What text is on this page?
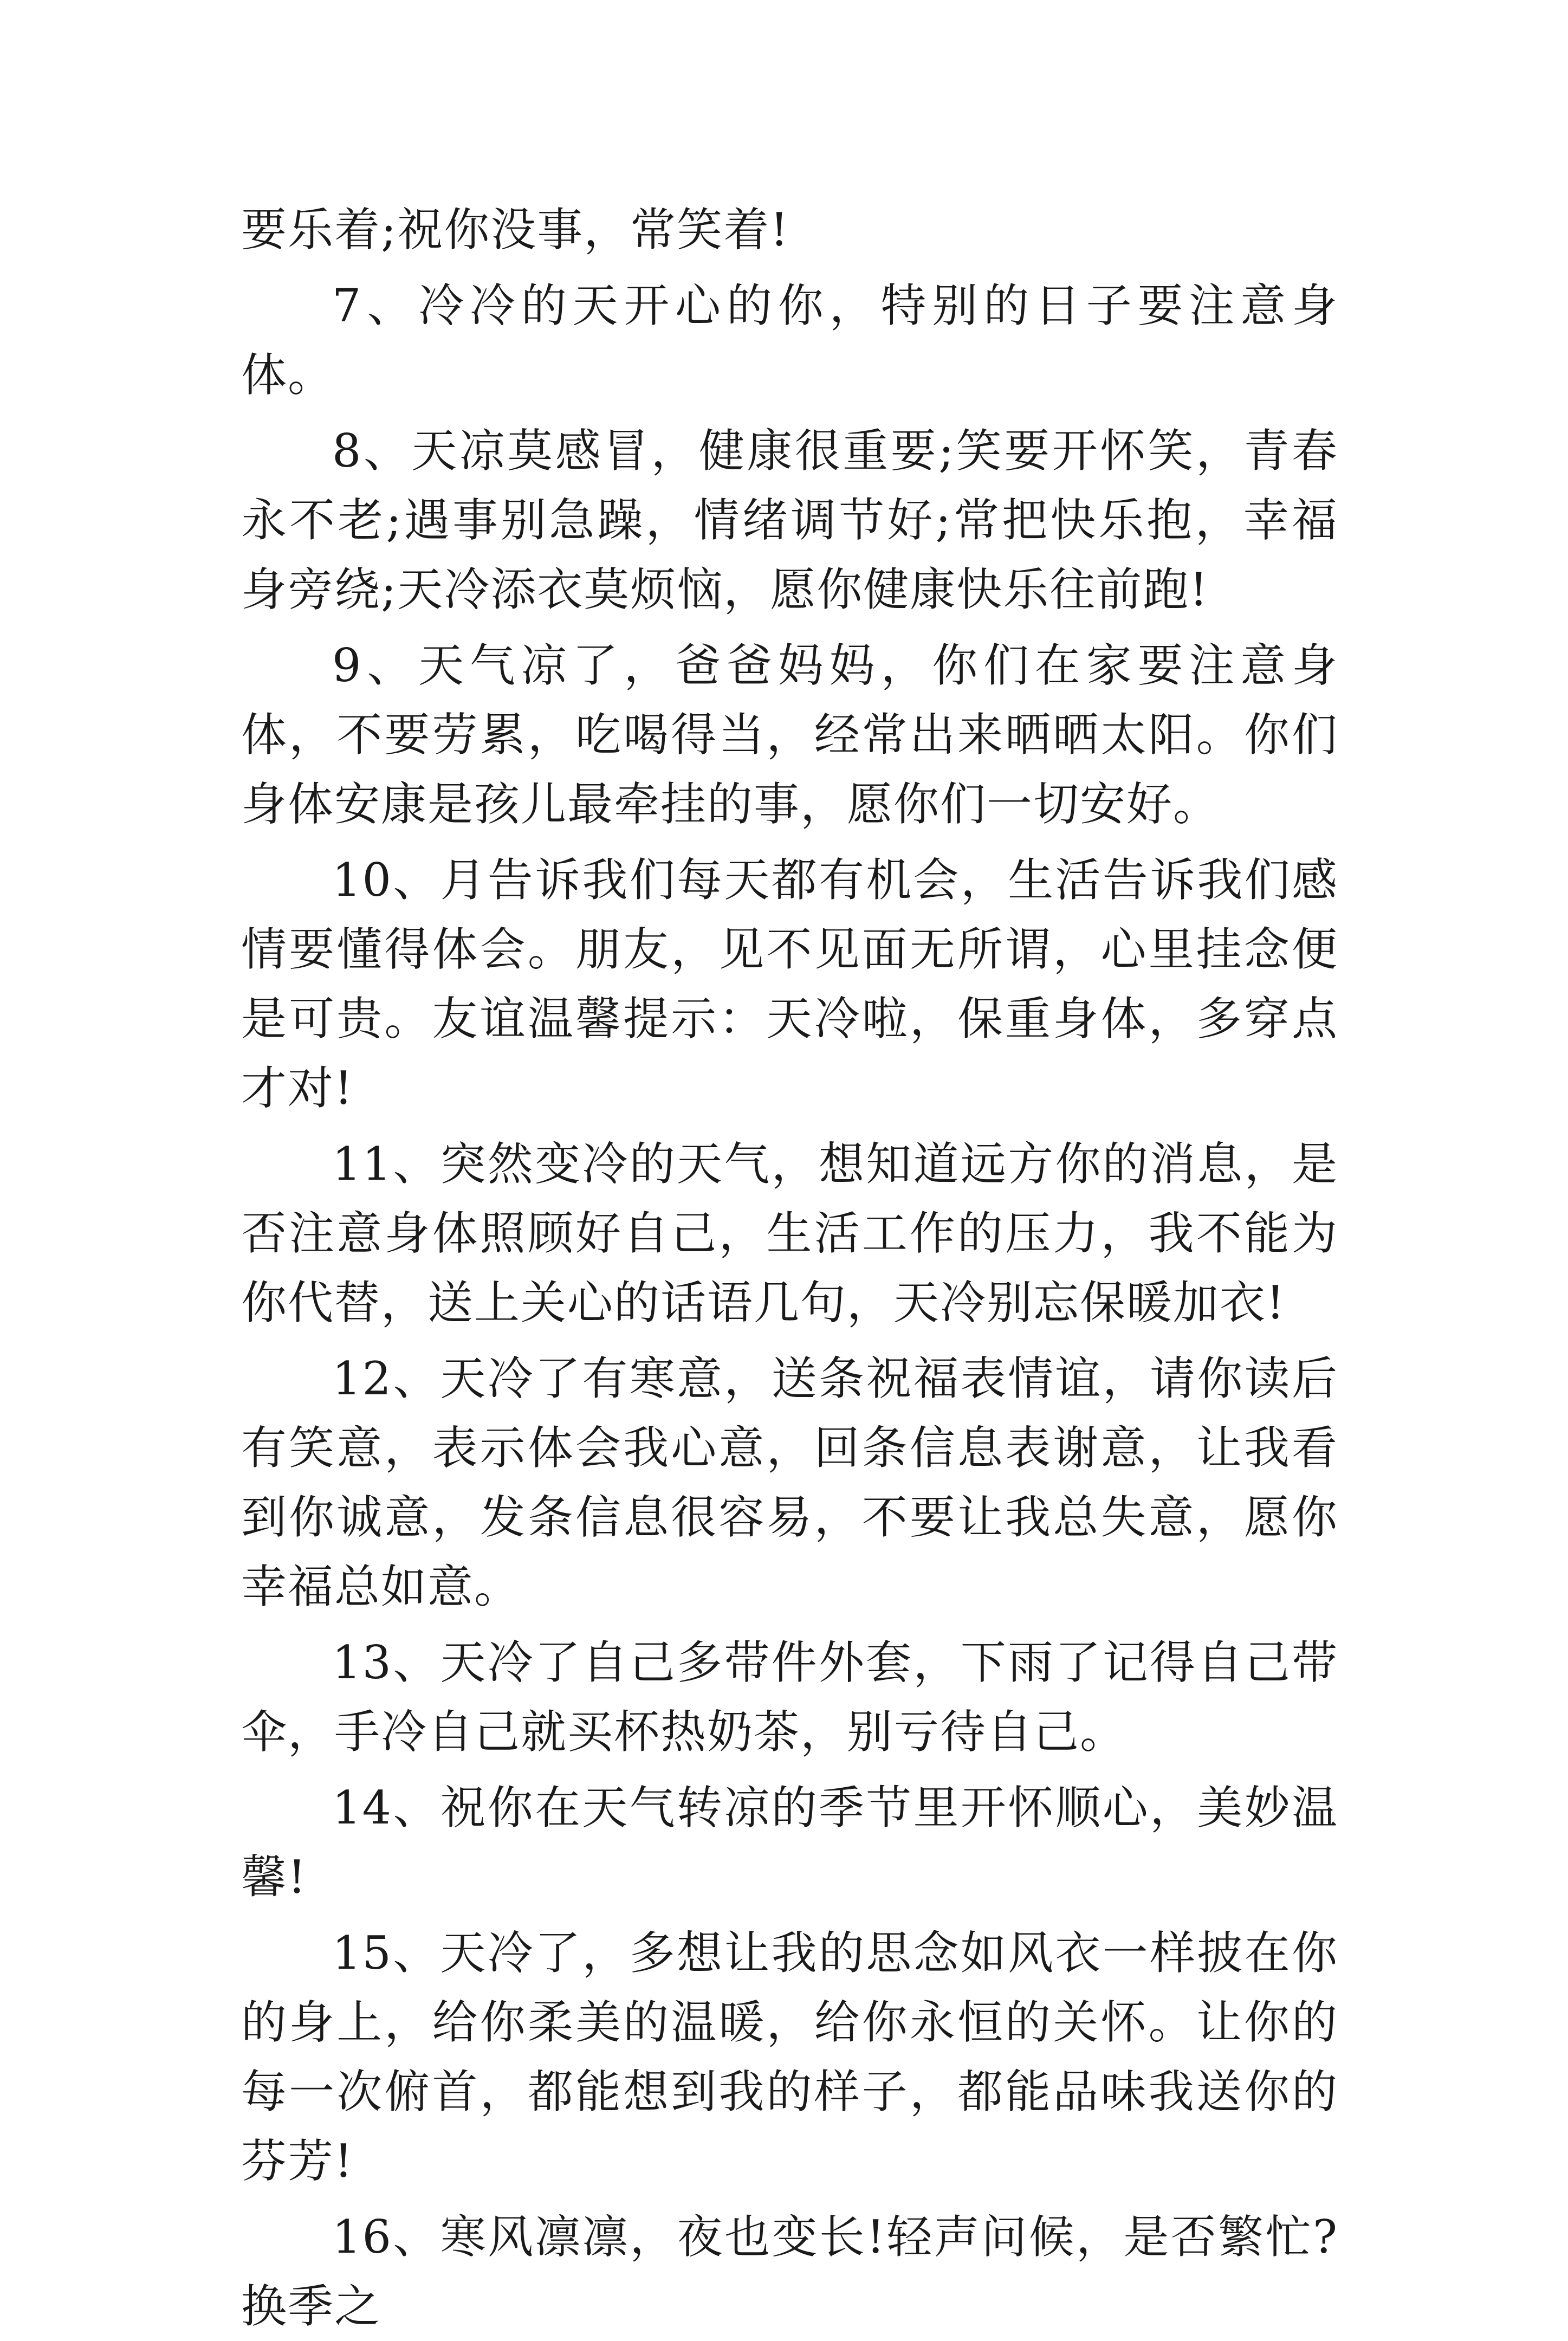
要乐着;祝你没事，常笑着!

7、冷冷的天开心的你，特别的日子要注意身体。

8、天凉莫感冒，健康很重要;笑要开怀笑，青春永不老;遇事别急躁，情绪调节好;常把快乐抱，幸福身旁绕;天冷添衣莫烦恼，愿你健康快乐往前跑!

9、天气凉了，爸爸妈妈，你们在家要注意身体，不要劳累，吃喝得当，经常出来晒晒太阳。你们身体安康是孩儿最牵挂的事，愿你们一切安好。

10、月告诉我们每天都有机会，生活告诉我们感情要懂得体会。朋友，见不见面无所谓，心里挂念便是可贵。友谊温馨提示：天冷啦，保重身体，多穿点才对!

11、突然变冷的天气，想知道远方你的消息，是否注意身体照顾好自己，生活工作的压力，我不能为你代替，送上关心的话语几句，天冷别忘保暖加衣!

12、天冷了有寒意，送条祝福表情谊，请你读后有笑意，表示体会我心意，回条信息表谢意，让我看到你诚意，发条信息很容易，不要让我总失意，愿你幸福总如意。

13、天冷了自己多带件外套，下雨了记得自己带伞，手冷自己就买杯热奶茶，别亏待自己。

14、祝你在天气转凉的季节里开怀顺心，美妙温馨!

15、天冷了，多想让我的思念如风衣一样披在你的身上，给你柔美的温暖，给你永恒的关怀。让你的每一次俯首，都能想到我的样子，都能品味我送你的芬芳!

16、寒风凛凛，夜也变长!轻声问候，是否繁忙?换季之
